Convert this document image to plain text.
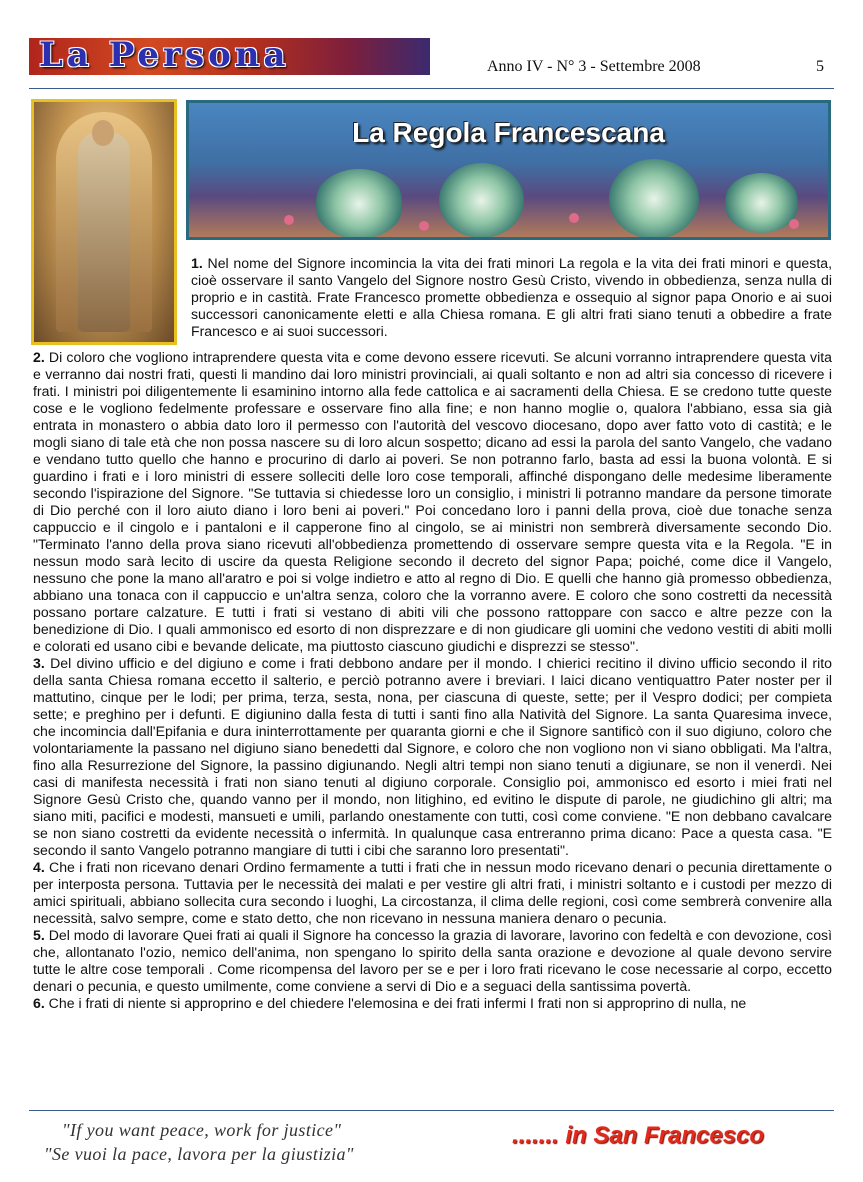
La Persona	Anno IV - N° 3 - Settembre 2008	5
La Regola Francescana

1. Nel nome del Signore incomincia la vita dei frati minori La regola e la vita dei frati minori e questa, cioè osservare il santo Vangelo del Signore nostro Gesù Cristo, vivendo in obbedienza, senza nulla di proprio e in castità. Frate Francesco promette obbedienza e ossequio al signor papa Onorio e ai suoi successori canonicamente eletti e alla Chiesa romana. E gli altri frati siano tenuti a obbedire a frate Francesco e ai suoi successori.

2. Di coloro che vogliono intraprendere questa vita e come devono essere ricevuti. Se alcuni vorranno intraprendere questa vita e verranno dai nostri frati, questi li mandino dai loro ministri provinciali, ai quali soltanto e non ad altri sia concesso di ricevere i frati. I ministri poi diligentemente li esaminino intorno alla fede cattolica e ai sacramenti della Chiesa. E se credono tutte queste cose e le vogliono fedelmente professare e osservare fino alla fine; e non hanno moglie o, qualora l'abbiano, essa sia già entrata in monastero o abbia dato loro il permesso con l'autorità del vescovo diocesano, dopo aver fatto voto di castità; e le mogli siano di tale età che non possa nascere su di loro alcun sospetto; dicano ad essi la parola del santo Vangelo, che vadano e vendano tutto quello che hanno e procurino di darlo ai poveri. Se non potranno farlo, basta ad essi la buona volontà. E si guardino i frati e i loro ministri di essere solleciti delle loro cose temporali, affinché dispongano delle medesime liberamente secondo l'ispirazione del Signore. "Se tuttavia si chiedesse loro un consiglio, i ministri li potranno mandare da persone timorate di Dio perché con il loro aiuto diano i loro beni ai poveri." Poi concedano loro i panni della prova, cioè due tonache senza cappuccio e il cingolo e i pantaloni e il capperone fino al cingolo, se ai ministri non sembrerà diversamente secondo Dio. "Terminato l'anno della prova siano ricevuti all'obbedienza promettendo di osservare sempre questa vita e la Regola. "E in nessun modo sarà lecito di uscire da questa Religione secondo il decreto del signor Papa; poiché, come dice il Vangelo, nessuno che pone la mano all'aratro e poi si volge indietro e atto al regno di Dio. E quelli che hanno già promesso obbedienza, abbiano una tonaca con il cappuccio e un'altra senza, coloro che la vorranno avere. E coloro che sono costretti da necessità possano portare calzature. E tutti i frati si vestano di abiti vili che possono rattoppare con sacco e altre pezze con la benedizione di Dio. I quali ammonisco ed esorto di non disprezzare e di non giudicare gli uomini che vedono vestiti di abiti molli e colorati ed usano cibi e bevande delicate, ma piuttosto ciascuno giudichi e disprezzi se stesso".

3. Del divino ufficio e del digiuno e come i frati debbono andare per il mondo. I chierici recitino il divino ufficio secondo il rito della santa Chiesa romana eccetto il salterio, e perciò potranno avere i breviari. I laici dicano ventiquattro Pater noster per il mattutino, cinque per le lodi; per prima, terza, sesta, nona, per ciascuna di queste, sette; per il Vespro dodici; per compieta sette; e preghino per i defunti. E digiunino dalla festa di tutti i santi fino alla Natività del Signore. La santa Quaresima invece, che incomincia dall'Epifania e dura ininterrottamente per quaranta giorni e che il Signore santificò con il suo digiuno, coloro che volontariamente la passano nel digiuno siano benedetti dal Signore, e coloro che non vogliono non vi siano obbligati. Ma l'altra, fino alla Resurrezione del Signore, la passino digiunando. Negli altri tempi non siano tenuti a digiunare, se non il venerdì. Nei casi di manifesta necessità i frati non siano tenuti al digiuno corporale. Consiglio poi, ammonisco ed esorto i miei frati nel Signore Gesù Cristo che, quando vanno per il mondo, non litighino, ed evitino le dispute di parole, ne giudichino gli altri; ma siano miti, pacifici e modesti, mansueti e umili, parlando onestamente con tutti, così come conviene. "E non debbano cavalcare se non siano costretti da evidente necessità o infermità. In qualunque casa entreranno prima dicano: Pace a questa casa. "E secondo il santo Vangelo potranno mangiare di tutti i cibi che saranno loro presentati".

4. Che i frati non ricevano denari Ordino fermamente a tutti i frati che in nessun modo ricevano denari o pecunia direttamente o per interposta persona. Tuttavia per le necessità dei malati e per vestire gli altri frati, i ministri soltanto e i custodi per mezzo di amici spirituali, abbiano sollecita cura secondo i luoghi, La circostanza, il clima delle regioni, così come sembrerà convenire alla necessità, salvo sempre, come e stato detto, che non ricevano in nessuna maniera denaro o pecunia.

5. Del modo di lavorare Quei frati ai quali il Signore ha concesso la grazia di lavorare, lavorino con fedeltà e con devozione, così che, allontanato l'ozio, nemico dell'anima, non spengano lo spirito della santa orazione e devozione al quale devono servire tutte le altre cose temporali . Come ricompensa del lavoro per se e per i loro frati ricevano le cose necessarie al corpo, eccetto denari o pecunia, e questo umilmente, come conviene a servi di Dio e a seguaci della santissima povertà.

6. Che i frati di niente si approprino e del chiedere l'elemosina e dei frati infermi I frati non si approprino di nulla, ne

"If you want peace, work for justice"
"Se vuoi la pace, lavora per la giustizia"
....... in San Francesco
